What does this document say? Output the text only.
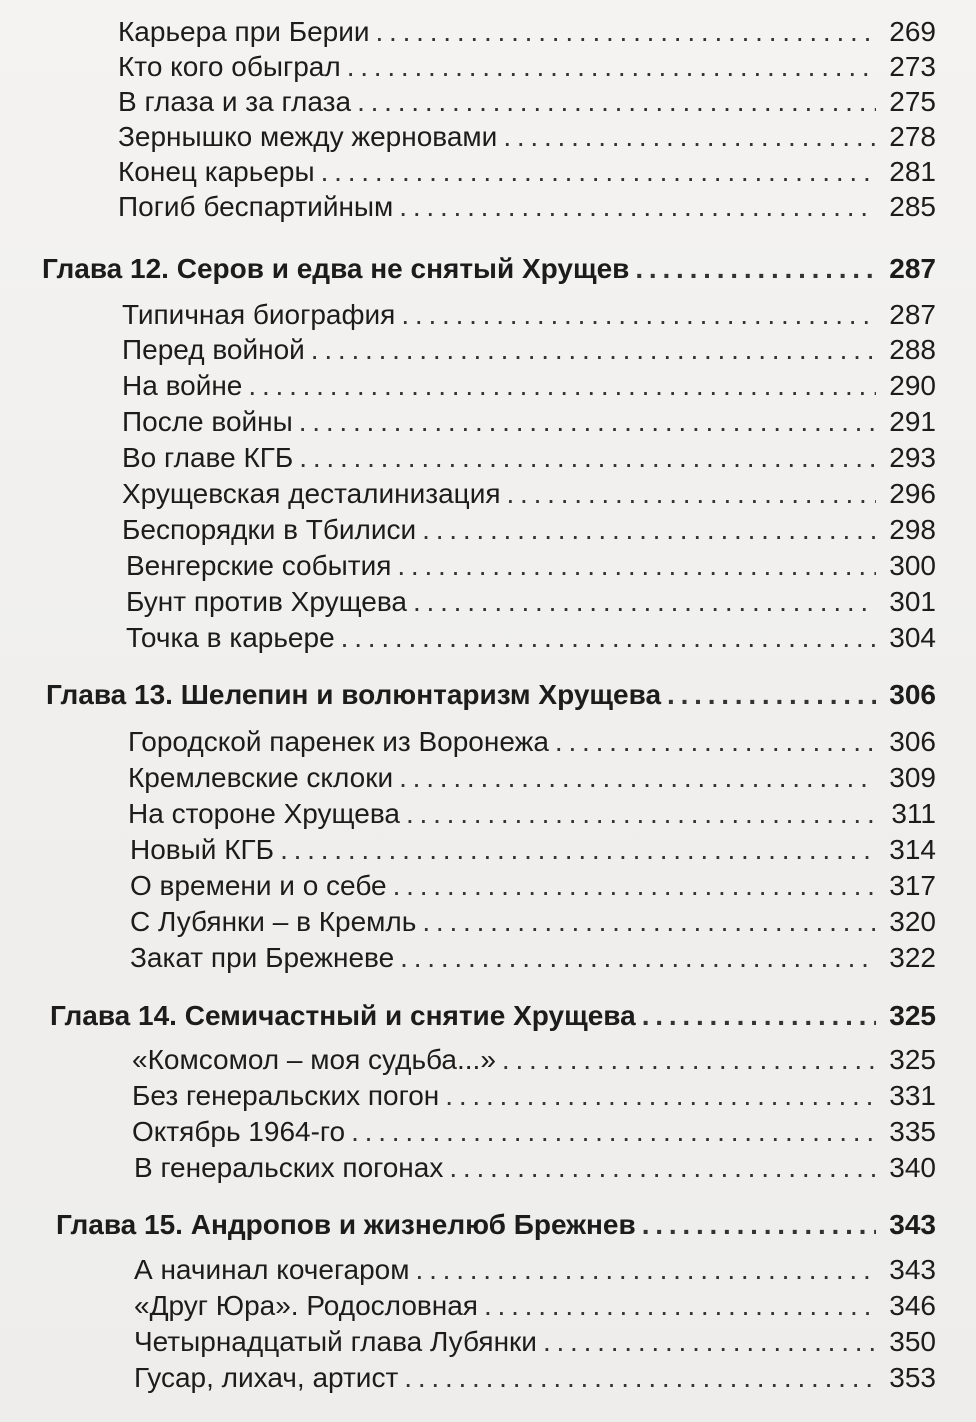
Карьера при Берии . . .	269
Кто кого обыграл . . .	273
В глаза и за глаза . . .	275
Зернышко между жерновами . . .	278
Конец карьеры . . .	281
Погиб беспартийным . . .	285
Глава 12. Серов и едва не снятый Хрущев . . .	287
Типичная биография . . .	287
Перед войной . . .	288
На войне . . .	290
После войны . . .	291
Во главе КГБ . . .	293
Хрущевская десталинизация . . .	296
Беспорядки в Тбилиси . . .	298
Венгерские события . . .	300
Бунт против Хрущева . . .	301
Точка в карьере . . .	304
Глава 13. Шелепин и волюнтаризм Хрущева . . .	306
Городской паренек из Воронежа . . .	306
Кремлевские склоки . . .	309
На стороне Хрущева . . .	311
Новый КГБ . . .	314
О времени и о себе . . .	317
С Лубянки – в Кремль . . .	320
Закат при Брежневе . . .	322
Глава 14. Семичастный и снятие Хрущева . . .	325
«Комсомол – моя судьба...» . . .	325
Без генеральских погон . . .	331
Октябрь 1964-го . . .	335
В генеральских погонах . . .	340
Глава 15. Андропов и жизнелюб Брежнев . . .	343
А начинал кочегаром . . .	343
«Друг Юра». Родословная . . .	346
Четырнадцатый глава Лубянки . . .	350
Гусар, лихач, артист . . .	353
